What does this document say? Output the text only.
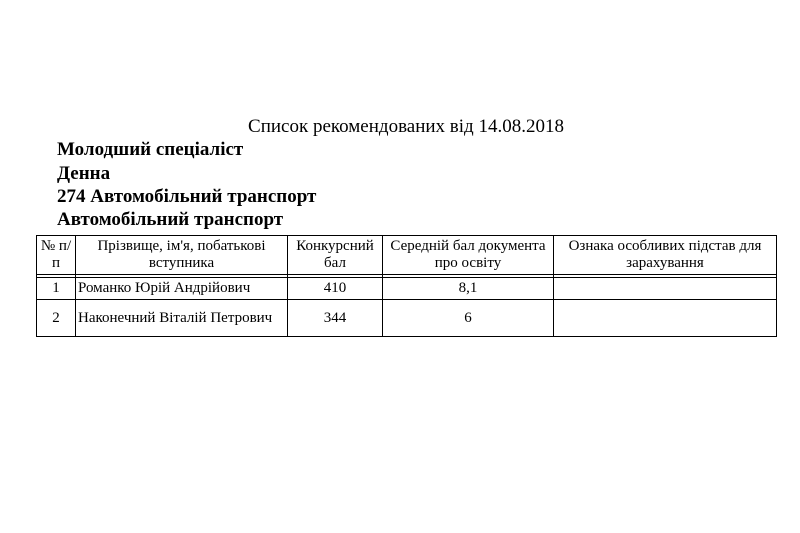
Список рекомендованих від 14.08.2018
Молодший спеціаліст
Денна
274 Автомобільний транспорт
Автомобільний транспорт
№ п/п	Прізвище, ім'я, побатькові вступника	Конкурсний бал	Середній бал документа про освіту	Ознака особливих підстав для зарахування

1	Романко Юрій Андрійович	410	8,1	
2	Наконечний Віталій Петрович	344	6	
